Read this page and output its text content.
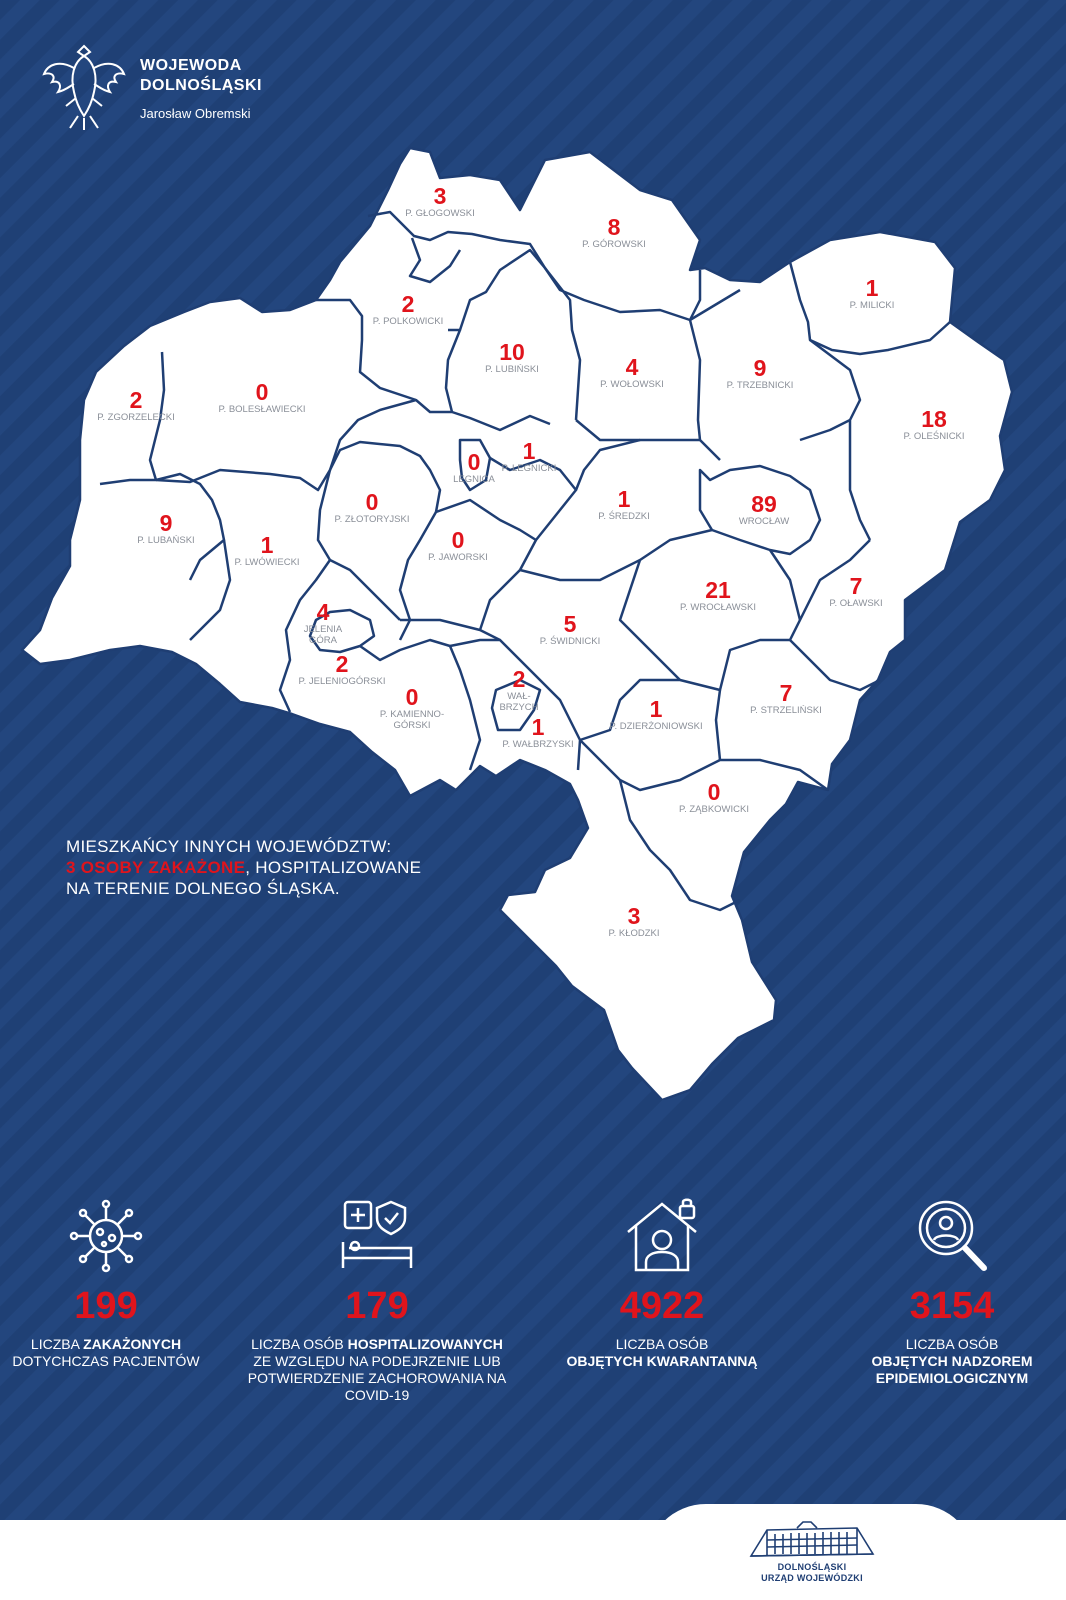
WOJEWODA
DOLNOŚLĄSKI
Jarosław Obremski
3
P. GŁOGOWSKI
8
P. GÓROWSKI
1
P. MILICKI
2
P. POLKOWICKI
10
P. LUBIŃSKI	4
P. WOŁOWSKI
9
P. TRZEBNICKI
18
P. OLEŚNICKI
2
P. ZGORZELECKI
0
P. BOLESŁAWIECKI
0
LEGNICA
1
P. LEGNICKI
0
P. ZŁOTORYJSKI
1
P. ŚREDZKI	89
WROCŁAW
9
P. LUBAŃSKI	1
P. LWÓWIECKI
0
P. JAWORSKI
21
P. WROCŁAWSKI
7
P. OŁAWSKI
4
JELENIA GÓRA
5
P. ŚWIDNICKI
2
P. JELENIOGÓRSKI	2
WAŁ-BRZYCH
0
P. KAMIENNO-GÓRSKI	1
P. WAŁBRZYSKI
1
P. DZIERŻONIOWSKI
7
P. STRZELIŃSKI
0
P. ZĄBKOWICKI
3
P. KŁODZKI
MIESZKAŃCY INNYCH WOJEWÓDZTW:
3 OSOBY ZAKAŻONE, HOSPITALIZOWANE
NA TERENIE DOLNEGO ŚLĄSKA.
199
LICZBA ZAKAŻONYCH
DOTYCHCZAS PACJENTÓW
179
LICZBA OSÓB HOSPITALIZOWANYCH
ZE WZGLĘDU NA PODEJRZENIE LUB POTWIERDZENIE ZACHOROWANIA NA COVID-19
4922
LICZBA OSÓB
OBJĘTYCH KWARANTANNĄ
3154
LICZBA OSÓB
OBJĘTYCH NADZOREM EPIDEMIOLOGICZNYM
DOLNOŚLĄSKI
URZĄD WOJEWÓDZKI
